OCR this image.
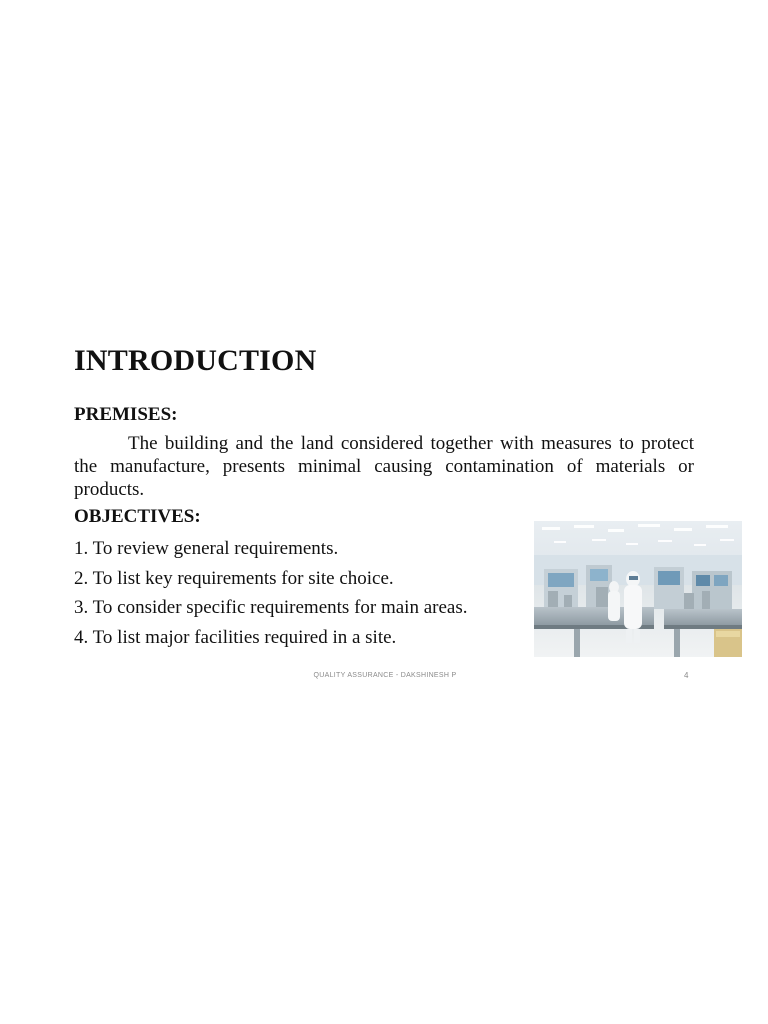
INTRODUCTION
PREMISES:

The building and the land considered together with measures to protect the manufacture, presents minimal causing contamination of materials or products.

OBJECTIVES:
1. To review general requirements.
2. To list key requirements for site choice.
3. To consider specific requirements for main areas.
4. To list major facilities required in a site.
QUALITY ASSURANCE - DAKSHINESH P	4
